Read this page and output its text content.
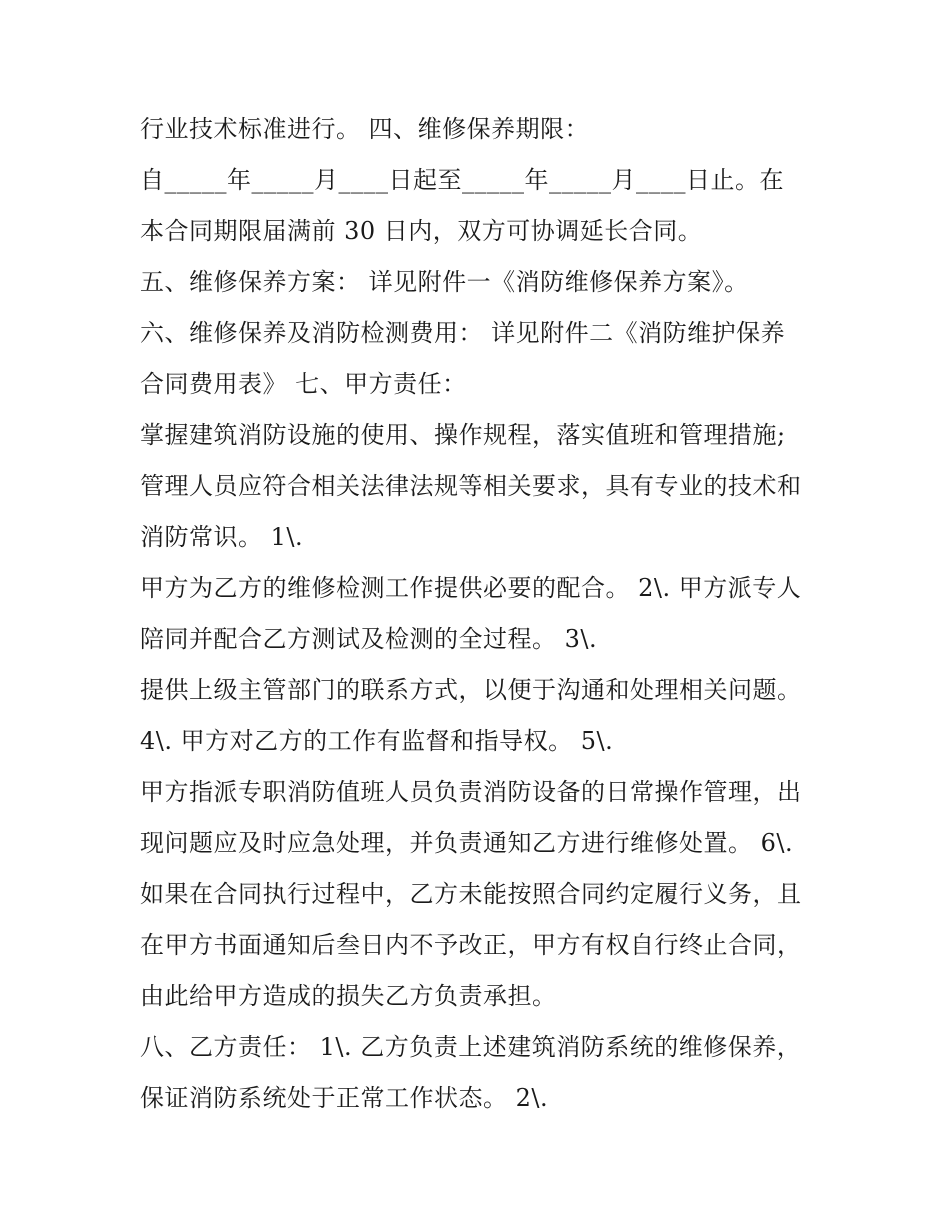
行业技术标准进行。 四、维修保养期限：
自_____年_____月____日起至_____年_____月____日止。在
本合同期限届满前 30 日内，双方可协调延长合同。
五、维修保养方案： 详见附件一《消防维修保养方案》。
六、维修保养及消防检测费用： 详见附件二《消防维护保养
合同费用表》 七、甲方责任：
掌握建筑消防设施的使用、操作规程，落实值班和管理措施;
管理人员应符合相关法律法规等相关要求，具有专业的技术和
消防常识。 1\.
甲方为乙方的维修检测工作提供必要的配合。 2\. 甲方派专人
陪同并配合乙方测试及检测的全过程。 3\.
提供上级主管部门的联系方式，以便于沟通和处理相关问题。
4\. 甲方对乙方的工作有监督和指导权。 5\.
甲方指派专职消防值班人员负责消防设备的日常操作管理，出
现问题应及时应急处理，并负责通知乙方进行维修处置。 6\.
如果在合同执行过程中，乙方未能按照合同约定履行义务，且
在甲方书面通知后叁日内不予改正，甲方有权自行终止合同，
由此给甲方造成的损失乙方负责承担。
八、乙方责任： 1\. 乙方负责上述建筑消防系统的维修保养，
保证消防系统处于正常工作状态。 2\.
